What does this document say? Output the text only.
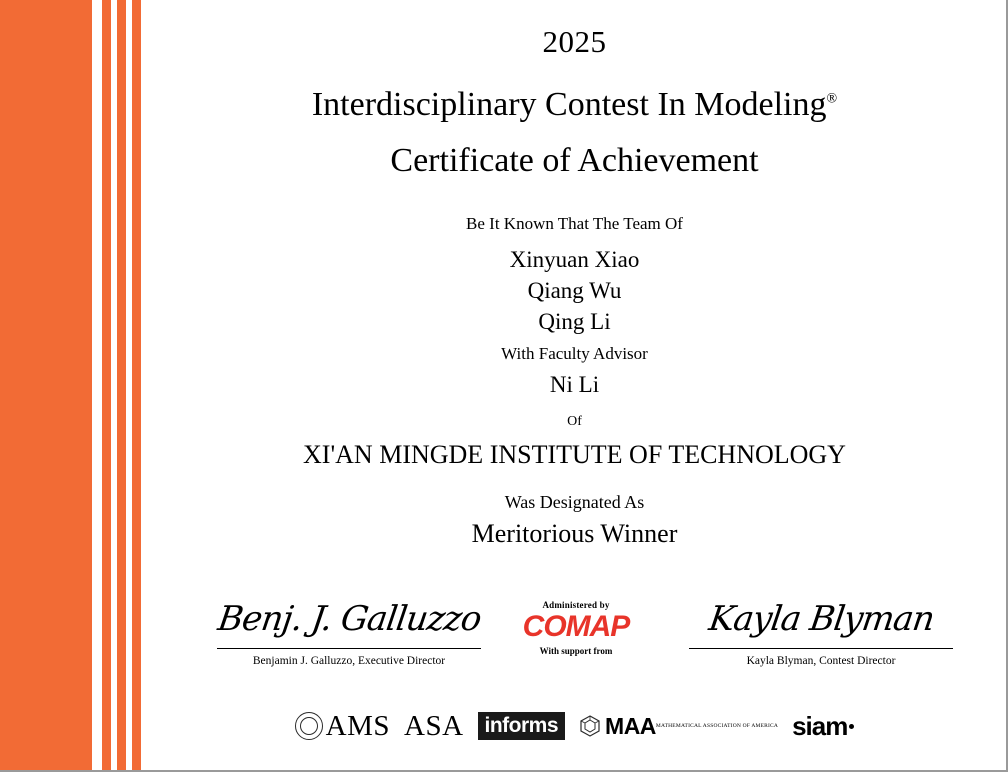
2025
Interdisciplinary Contest In Modeling®
Certificate of Achievement
Be It Known That The Team Of
Xinyuan Xiao
Qiang Wu
Qing Li
With Faculty Advisor
Ni Li
Of
XI'AN MINGDE INSTITUTE OF TECHNOLOGY
Was Designated As
Meritorious Winner
Benj. J. Galluzzo
Benjamin J. Galluzzo, Executive Director
Kayla Blyman
Kayla Blyman, Contest Director
Administered by
COMAP
With support from
AMS ASA	informs	MAA MATHEMATICAL ASSOCIATION OF AMERICA siam
